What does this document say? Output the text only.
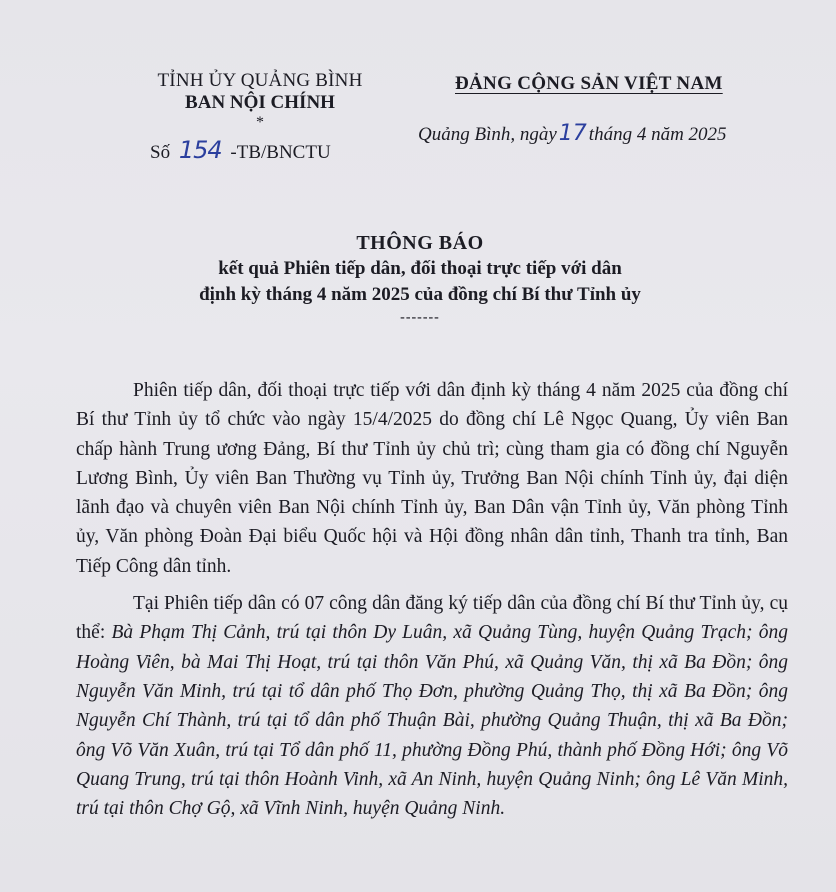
TỈNH ỦY QUẢNG BÌNH
BAN NỘI CHÍNH
*
Số 154 -TB/BNCTU
ĐẢNG CỘNG SẢN VIỆT NAM
Quảng Bình, ngày17 tháng 4 năm 2025
THÔNG BÁO
kết quả Phiên tiếp dân, đối thoại trực tiếp với dân
định kỳ tháng 4 năm 2025 của đồng chí Bí thư Tỉnh ủy
-------

Phiên tiếp dân, đối thoại trực tiếp với dân định kỳ tháng 4 năm 2025 của đồng chí Bí thư Tỉnh ủy tổ chức vào ngày 15/4/2025 do đồng chí Lê Ngọc Quang, Ủy viên Ban chấp hành Trung ương Đảng, Bí thư Tỉnh ủy chủ trì; cùng tham gia có đồng chí Nguyễn Lương Bình, Ủy viên Ban Thường vụ Tỉnh ủy, Trưởng Ban Nội chính Tỉnh ủy, đại diện lãnh đạo và chuyên viên Ban Nội chính Tỉnh ủy, Ban Dân vận Tỉnh ủy, Văn phòng Tỉnh ủy, Văn phòng Đoàn Đại biểu Quốc hội và Hội đồng nhân dân tỉnh, Thanh tra tỉnh, Ban Tiếp Công dân tỉnh.

Tại Phiên tiếp dân có 07 công dân đăng ký tiếp dân của đồng chí Bí thư Tỉnh ủy, cụ thể: Bà Phạm Thị Cảnh, trú tại thôn Dy Luân, xã Quảng Tùng, huyện Quảng Trạch; ông Hoàng Viên, bà Mai Thị Hoạt, trú tại thôn Văn Phú, xã Quảng Văn, thị xã Ba Đồn; ông Nguyễn Văn Minh, trú tại tổ dân phố Thọ Đơn, phường Quảng Thọ, thị xã Ba Đồn; ông Nguyễn Chí Thành, trú tại tổ dân phố Thuận Bài, phường Quảng Thuận, thị xã Ba Đồn; ông Võ Văn Xuân, trú tại Tổ dân phố 11, phường Đồng Phú, thành phố Đồng Hới; ông Võ Quang Trung, trú tại thôn Hoành Vinh, xã An Ninh, huyện Quảng Ninh; ông Lê Văn Minh, trú tại thôn Chợ Gộ, xã Vĩnh Ninh, huyện Quảng Ninh.
